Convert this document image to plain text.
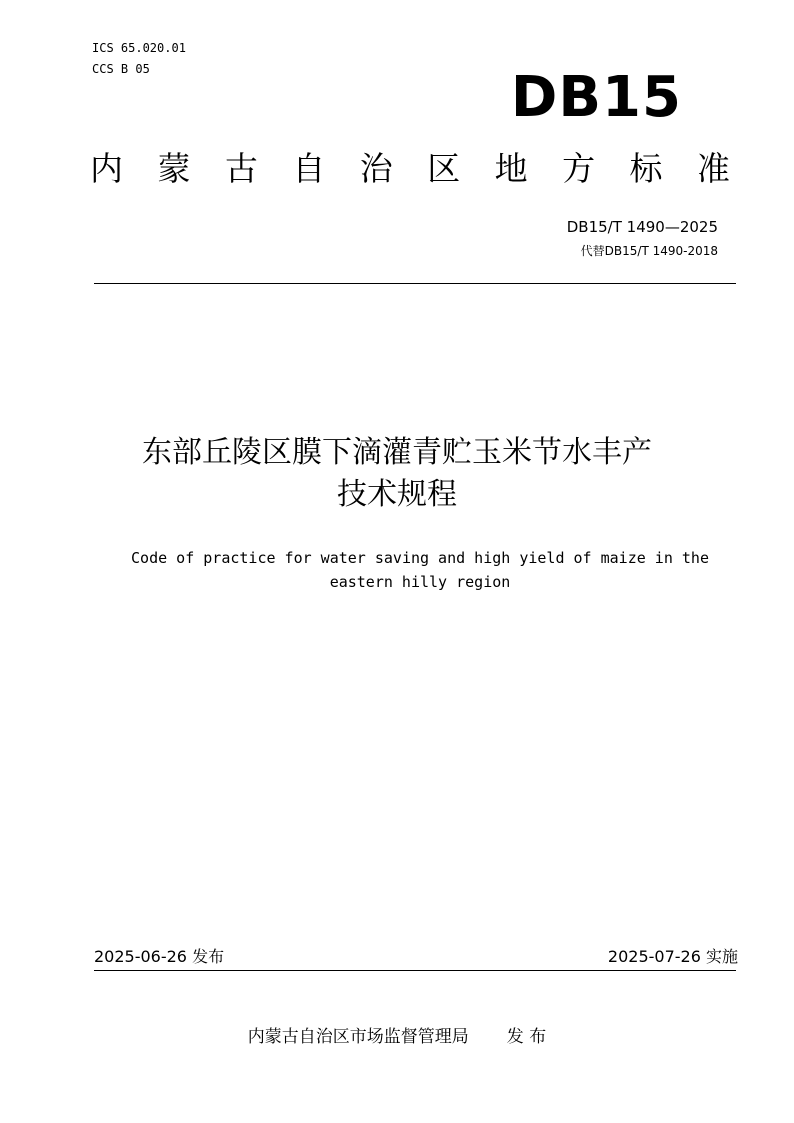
ICS 65.020.01
CCS B 05	DB15
内 蒙 古 自 治 区 地 方 标 准
DB15/T 1490—2025
代替DB15/T 1490-2018
东部丘陵区膜下滴灌青贮玉米节水丰产
技术规程
Code of practice for water saving and high yield of maize in the
eastern hilly region
2025-06-26 发布	2025-07-26 实施
内蒙古自治区市场监督管理局 发 布
